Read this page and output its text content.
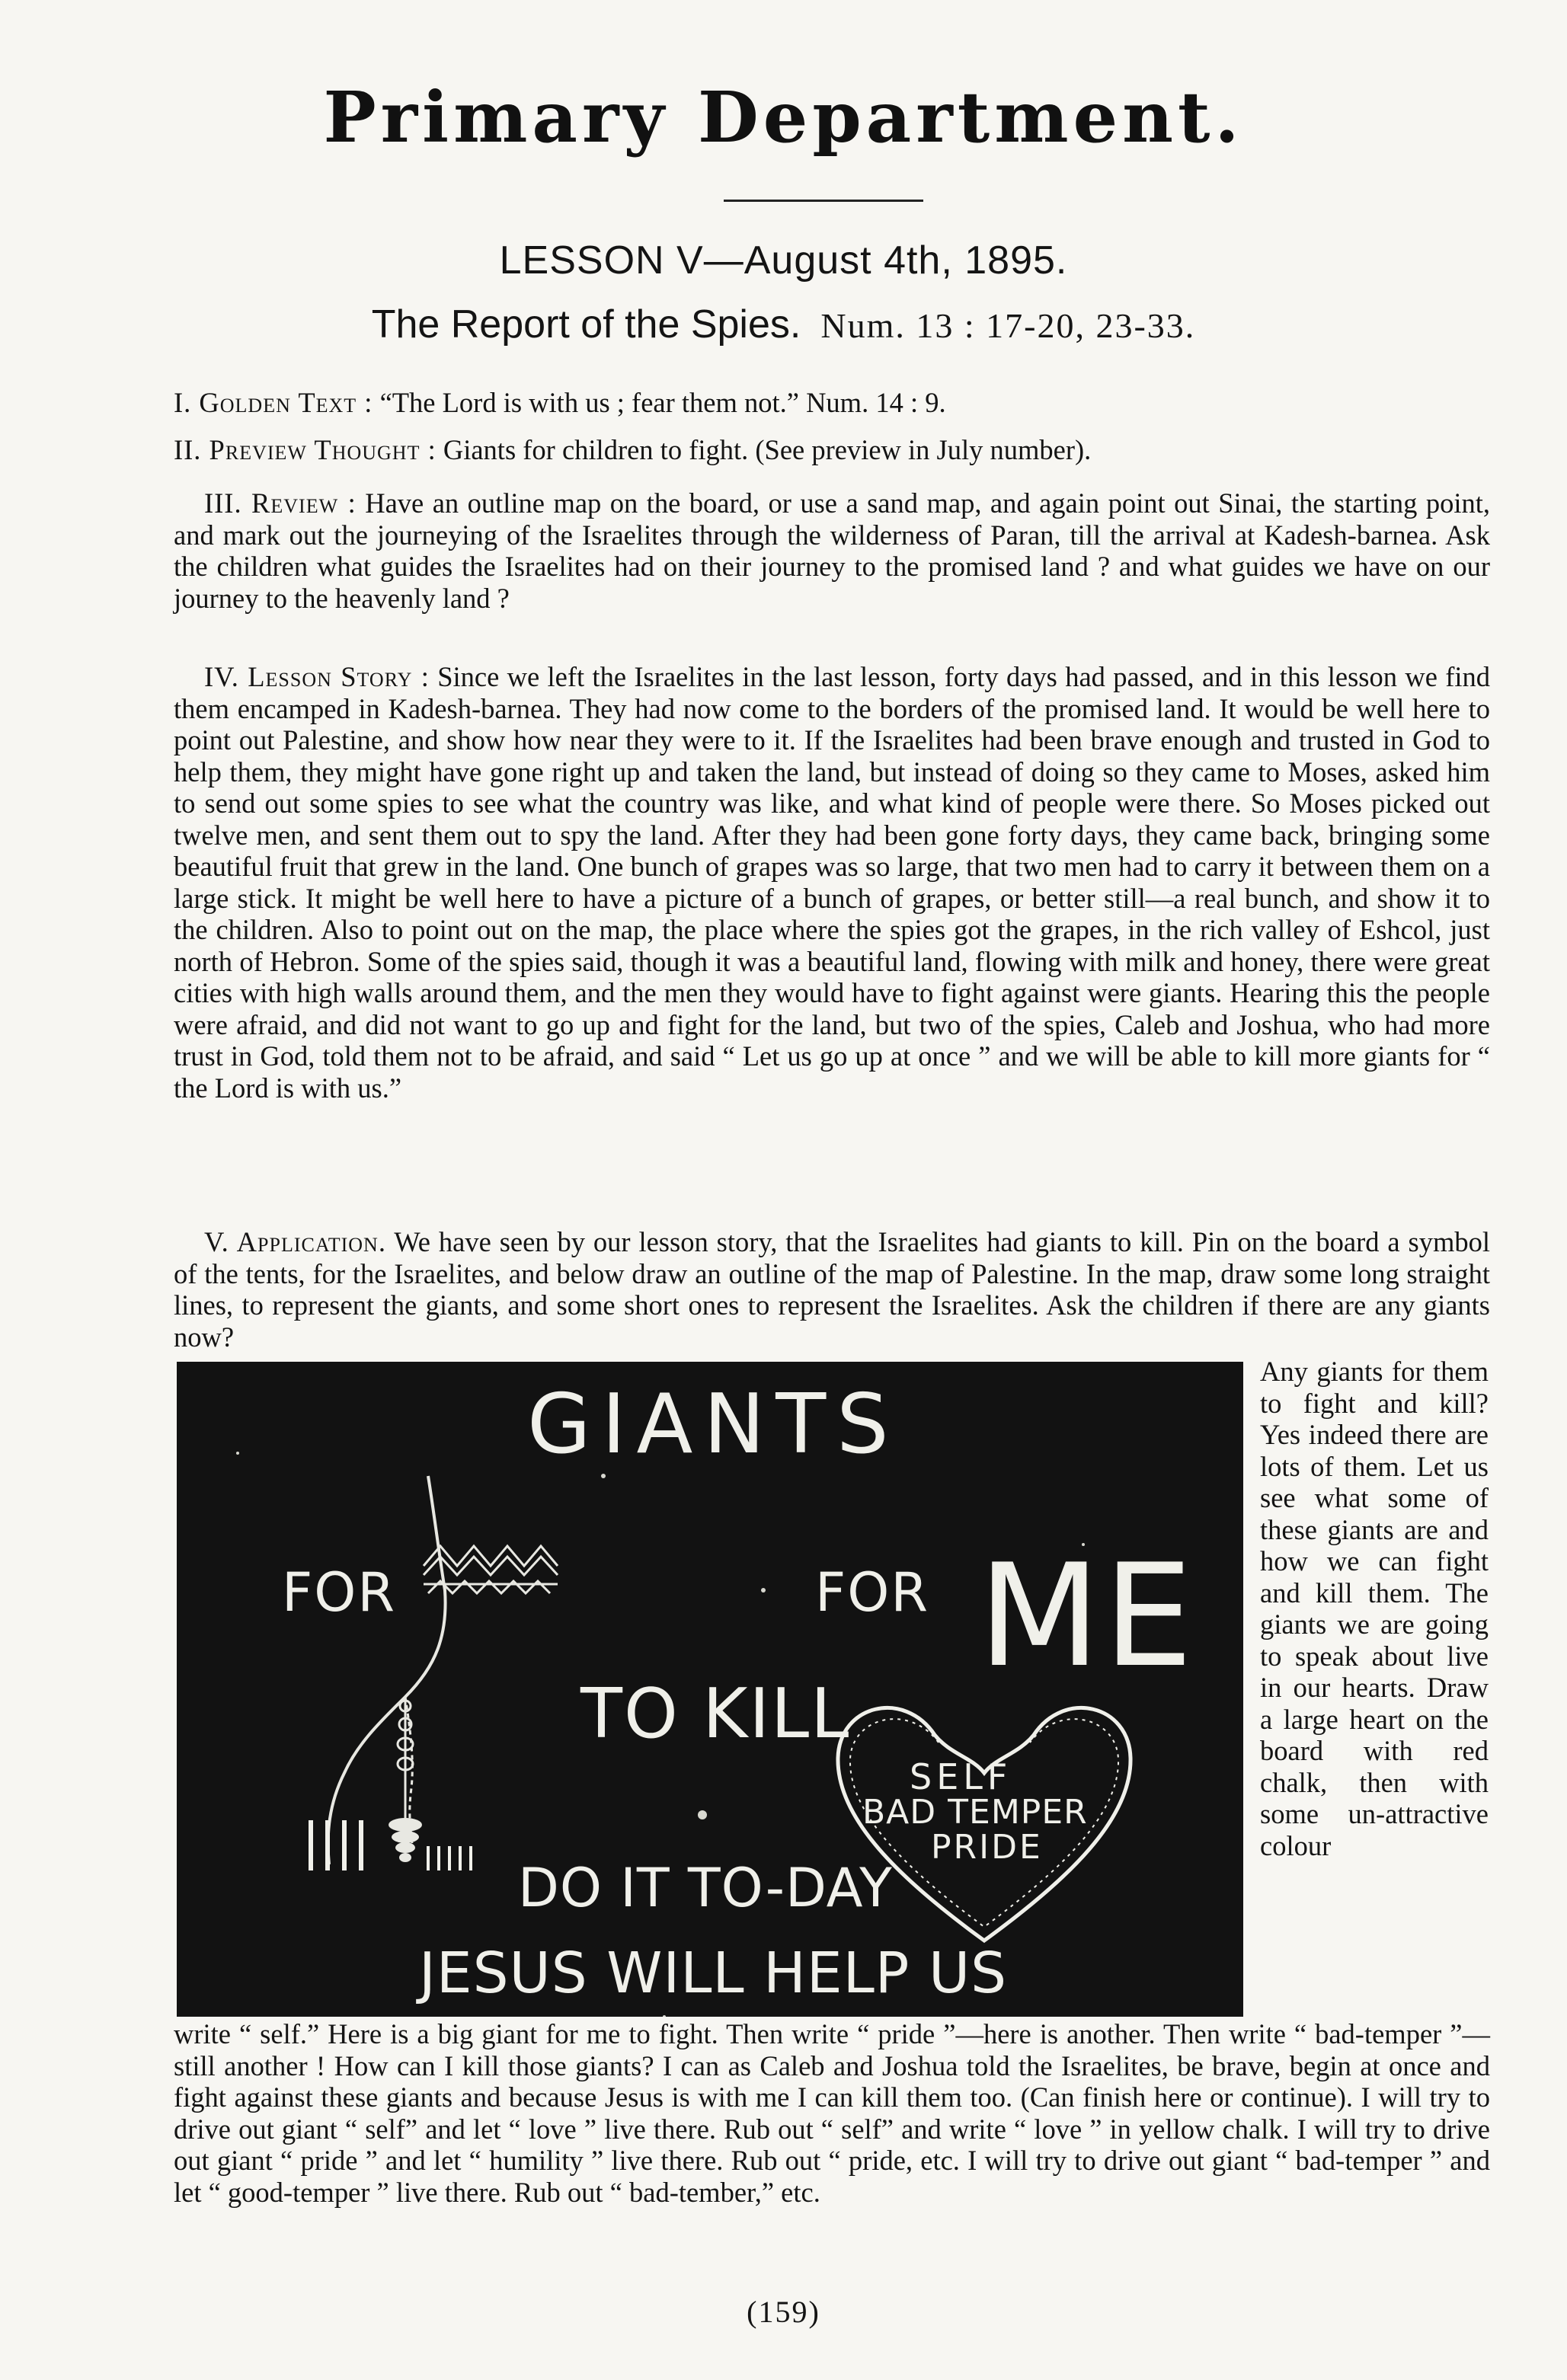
Primary Department.
LESSON V—August 4th, 1895.
The Report of the Spies. Num. 13 : 17-20, 23-33.

I. Golden Text : “The Lord is with us ; fear them not.” Num. 14 : 9.

II. Preview Thought : Giants for children to fight. (See preview in July number).

III. Review : Have an outline map on the board, or use a sand map, and again point out Sinai, the starting point, and mark out the journeying of the Israelites through the wilderness of Paran, till the arrival at Kadesh-barnea. Ask the children what guides the Israelites had on their journey to the promised land ? and what guides we have on our journey to the heavenly land ?

IV. Lesson Story : Since we left the Israelites in the last lesson, forty days had passed, and in this lesson we find them encamped in Kadesh-barnea. They had now come to the borders of the promised land. It would be well here to point out Palestine, and show how near they were to it. If the Israelites had been brave enough and trusted in God to help them, they might have gone right up and taken the land, but instead of doing so they came to Moses, asked him to send out some spies to see what the country was like, and what kind of people were there. So Moses picked out twelve men, and sent them out to spy the land. After they had been gone forty days, they came back, bringing some beautiful fruit that grew in the land. One bunch of grapes was so large, that two men had to carry it between them on a large stick. It might be well here to have a picture of a bunch of grapes, or better still—a real bunch, and show it to the children. Also to point out on the map, the place where the spies got the grapes, in the rich valley of Eshcol, just north of Hebron. Some of the spies said, though it was a beautiful land, flowing with milk and honey, there were great cities with high walls around them, and the men they would have to fight against were giants. Hearing this the people were afraid, and did not want to go up and fight for the land, but two of the spies, Caleb and Joshua, who had more trust in God, told them not to be afraid, and said “ Let us go up at once ” and we will be able to kill more giants for “ the Lord is with us.”

V. Application. We have seen by our lesson story, that the Israelites had giants to kill. Pin on the board a symbol of the tents, for the Israelites, and below draw an outline of the map of Palestine. In the map, draw some long straight lines, to represent the giants, and some short ones to represent the Israelites. Ask the children if there are any giants now?

GIANTS
FOR	FOR ME
TO KILL
SELF
BAD TEMPER
PRIDE
DO IT TO-DAY
JESUS WILL HELP US
Any giants for them to fight and kill? Yes indeed there are lots of them. Let us see what some of these giants are and how we can fight and kill them. The giants we are going to speak about live in our hearts. Draw a large heart on the board with red chalk, then with some un-attractive colour

write “ self.” Here is a big giant for me to fight. Then write “ pride ”—here is another. Then write “ bad-temper ”—still another ! How can I kill those giants? I can as Caleb and Joshua told the Israelites, be brave, begin at once and fight against these giants and because Jesus is with me I can kill them too. (Can finish here or continue). I will try to drive out giant “ self” and let “ love ” live there. Rub out “ self” and write “ love ” in yellow chalk. I will try to drive out giant “ pride ” and let “ humility ” live there. Rub out “ pride, etc. I will try to drive out giant “ bad-temper ” and let “ good-temper ” live there. Rub out “ bad-tember,” etc.

(159)
